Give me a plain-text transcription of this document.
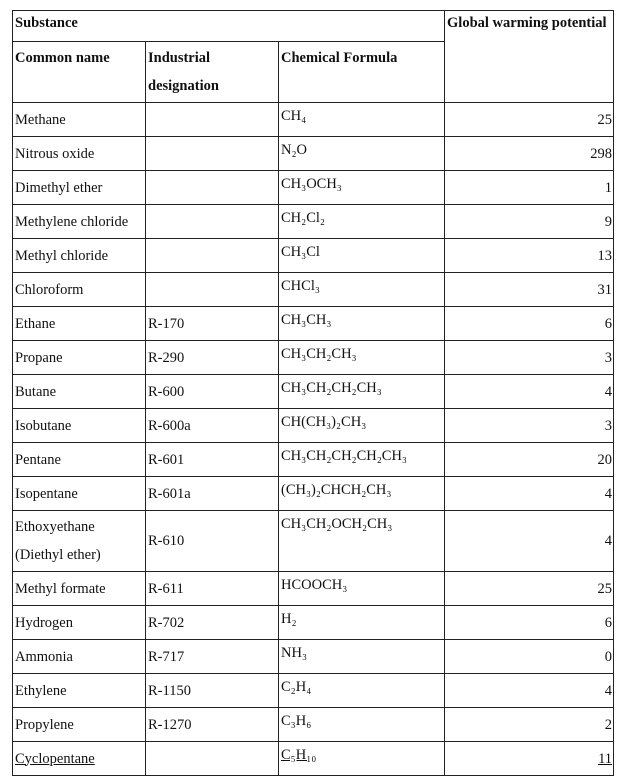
Substance			Global warming potential
Common name	Industrial designation	Chemical Formula	
Methane		CH₄	25
Nitrous oxide		N₂O	298
Dimethyl ether		CH₃OCH₃	1
Methylene chloride		CH₂Cl₂	9
Methyl chloride		CH₃Cl	13
Chloroform		CHCl₃	31
Ethane	R-170	CH₃CH₃	6
Propane	R-290	CH₃CH₂CH₃	3
Butane	R-600	CH₃CH₂CH₂CH₃	4
Isobutane	R-600a	CH(CH₃)₂CH₃	3
Pentane	R-601	CH₃CH₂CH₂CH₂CH₃	20
Isopentane	R-601a	(CH₃)₂CHCH₂CH₃	4
Ethoxyethane (Diethyl ether)	R-610	CH₃CH₂OCH₂CH₃	4
Methyl formate	R-611	HCOOCH₃	25
Hydrogen	R-702	H₂	6
Ammonia	R-717	NH₃	0
Ethylene	R-1150	C₂H₄	4
Propylene	R-1270	C₃H₆	2
Cyclopentane		C₅H₁₀	11
